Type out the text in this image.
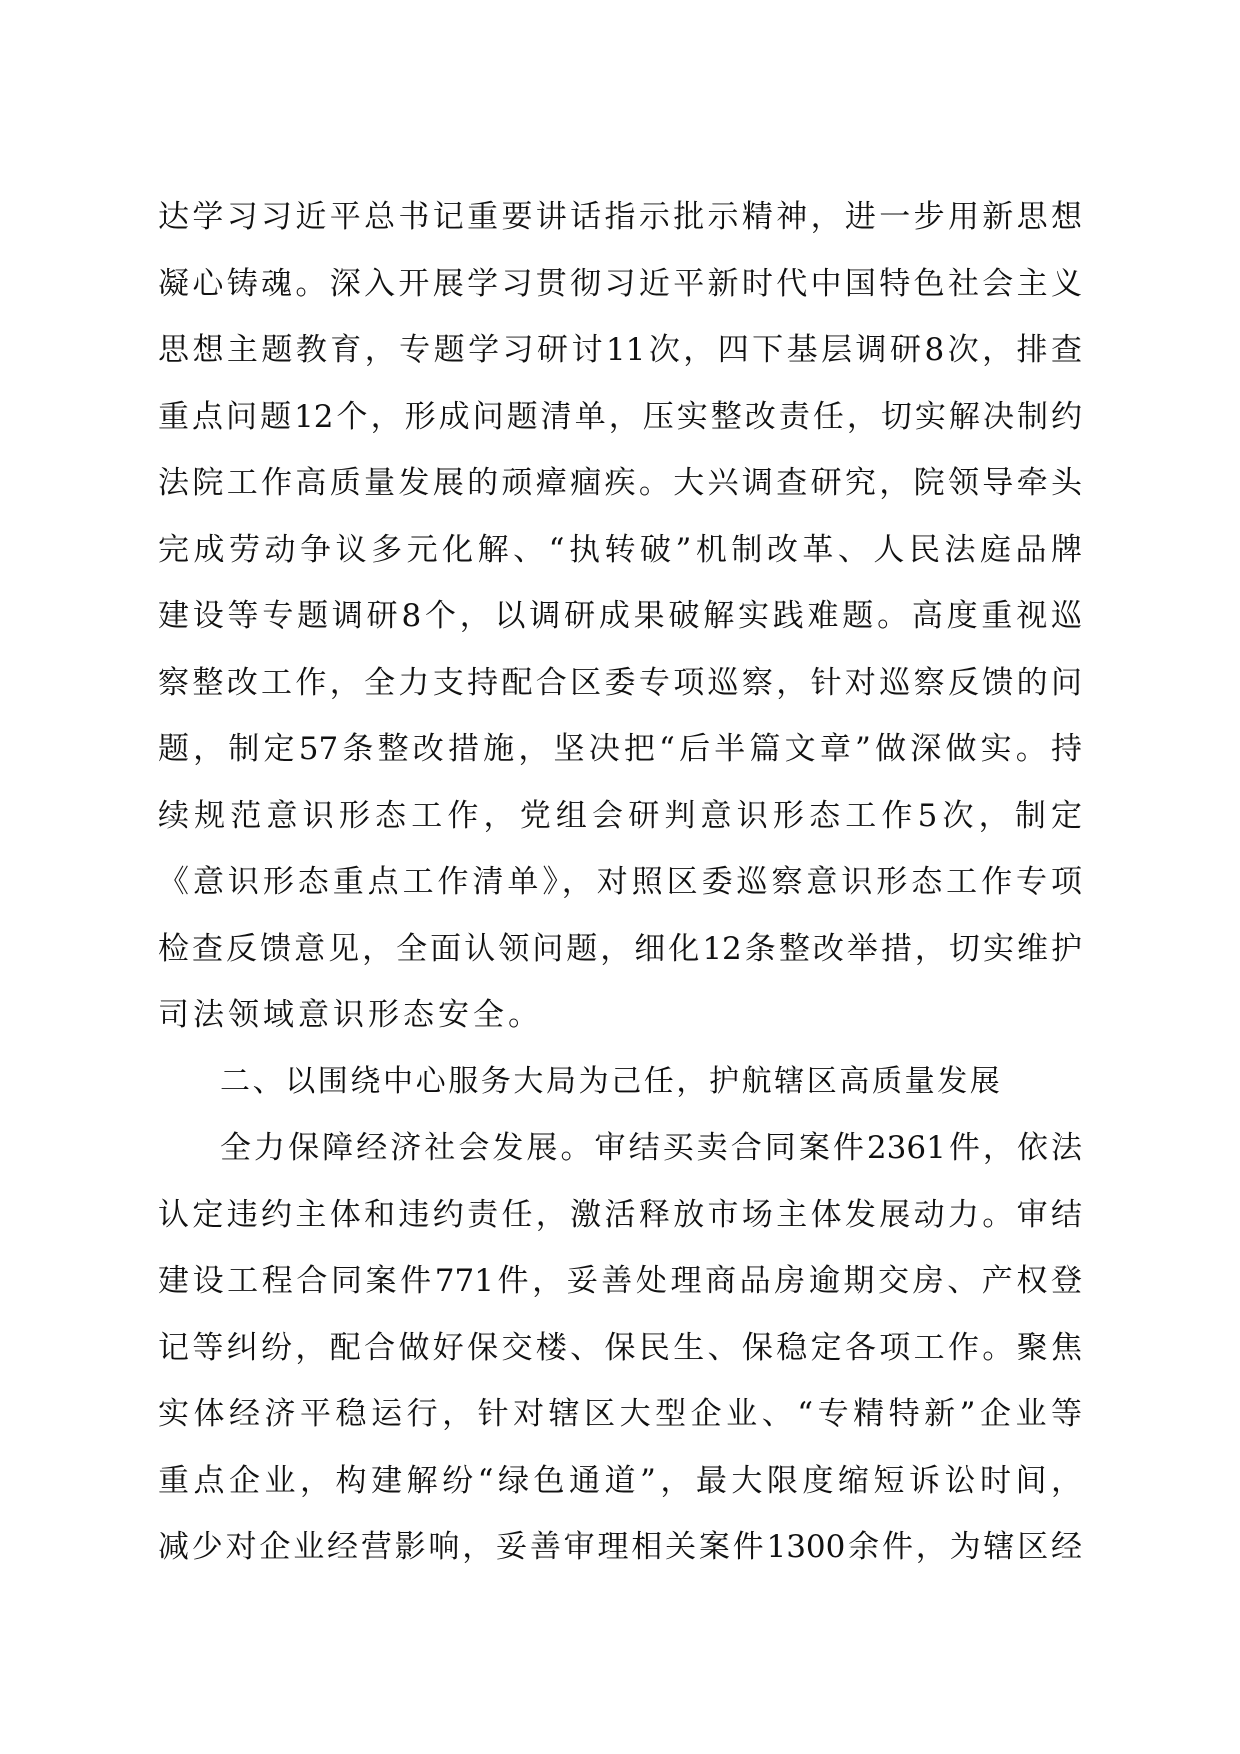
达学习习近平总书记重要讲话指示批示精神，进一步用新思想
凝心铸魂。深入开展学习贯彻习近平新时代中国特色社会主义
思想主题教育，专题学习研讨11次，四下基层调研8次，排查
重点问题12个，形成问题清单，压实整改责任，切实解决制约
法院工作高质量发展的顽瘴痼疾。大兴调查研究，院领导牵头
完成劳动争议多元化解、“执转破”机制改革、人民法庭品牌
建设等专题调研8个，以调研成果破解实践难题。高度重视巡
察整改工作，全力支持配合区委专项巡察，针对巡察反馈的问
题，制定57条整改措施，坚决把“后半篇文章”做深做实。持
续规范意识形态工作，党组会研判意识形态工作5次，制定
《意识形态重点工作清单》，对照区委巡察意识形态工作专项
检查反馈意见，全面认领问题，细化12条整改举措，切实维护
司法领域意识形态安全。
二、以围绕中心服务大局为己任，护航辖区高质量发展
全力保障经济社会发展。审结买卖合同案件2361件，依法
认定违约主体和违约责任，激活释放市场主体发展动力。审结
建设工程合同案件771件，妥善处理商品房逾期交房、产权登
记等纠纷，配合做好保交楼、保民生、保稳定各项工作。聚焦
实体经济平稳运行，针对辖区大型企业、“专精特新”企业等
重点企业，构建解纷“绿色通道”，最大限度缩短诉讼时间，
减少对企业经营影响，妥善审理相关案件1300余件，为辖区经
